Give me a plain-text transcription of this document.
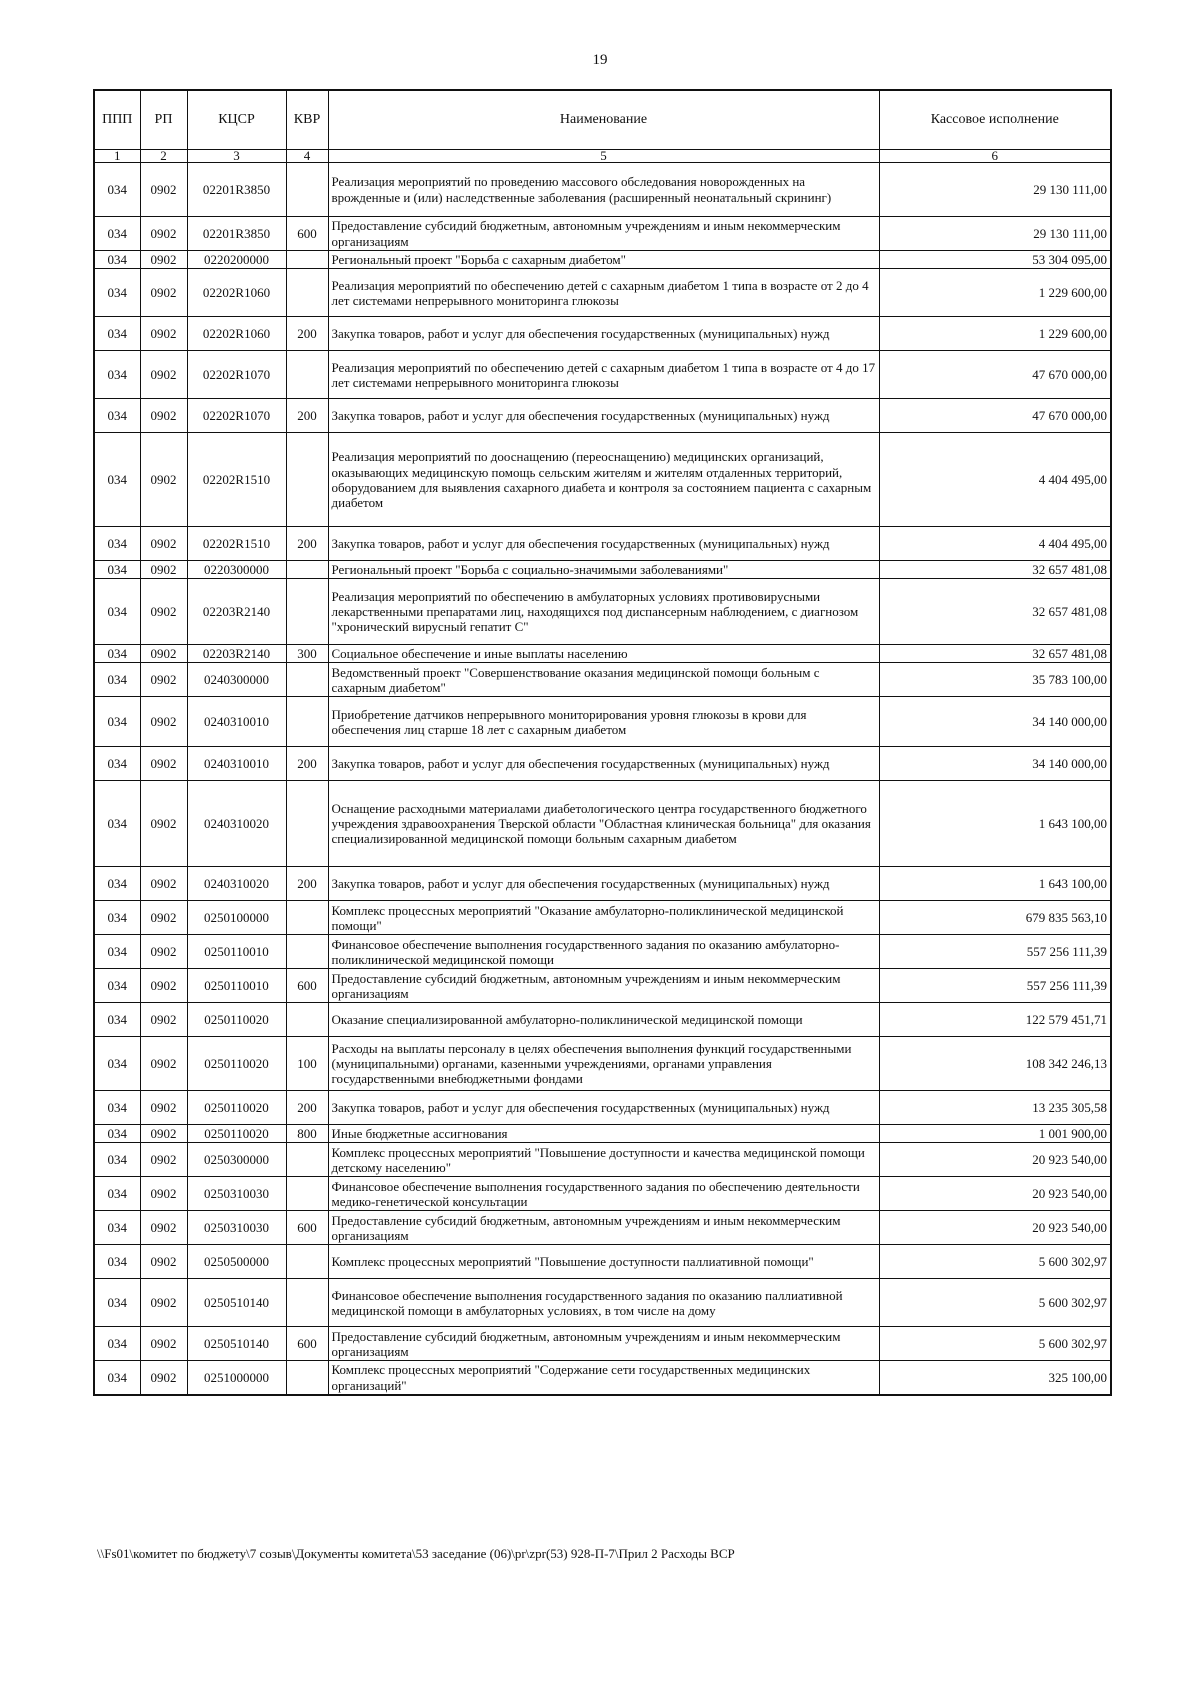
19
ППП	РП	КЦСР	КВР	Наименование	Кассовое исполнение
1	2	3	4	5	6
034	0902	02201R3850		Реализация мероприятий по проведению массового обследования новорожденных на врожденные и (или) наследственные заболевания (расширенный неонатальный скрининг)	29 130 111,00
034	0902	02201R3850	600	Предоставление субсидий бюджетным, автономным учреждениям и иным некоммерческим организациям	29 130 111,00
034	0902	0220200000		Региональный проект "Борьба с сахарным диабетом"	53 304 095,00
034	0902	02202R1060		Реализация мероприятий по обеспечению детей с сахарным диабетом 1 типа в возрасте от 2 до 4 лет системами непрерывного мониторинга глюкозы	1 229 600,00
034	0902	02202R1060	200	Закупка товаров, работ и услуг для обеспечения государственных (муниципальных) нужд	1 229 600,00
034	0902	02202R1070		Реализация мероприятий по обеспечению детей с сахарным диабетом 1 типа в возрасте от 4 до 17 лет системами непрерывного мониторинга глюкозы	47 670 000,00
034	0902	02202R1070	200	Закупка товаров, работ и услуг для обеспечения государственных (муниципальных) нужд	47 670 000,00
034	0902	02202R1510		Реализация мероприятий по дооснащению (переоснащению) медицинских организаций, оказывающих медицинскую помощь сельским жителям и жителям отдаленных территорий, оборудованием для выявления сахарного диабета и контроля за состоянием пациента с сахарным диабетом	4 404 495,00
034	0902	02202R1510	200	Закупка товаров, работ и услуг для обеспечения государственных (муниципальных) нужд	4 404 495,00
034	0902	0220300000		Региональный проект "Борьба с социально-значимыми заболеваниями"	32 657 481,08
034	0902	02203R2140		Реализация мероприятий по обеспечению в амбулаторных условиях противовирусными лекарственными препаратами лиц, находящихся под диспансерным наблюдением, с диагнозом "хронический вирусный гепатит С"	32 657 481,08
034	0902	02203R2140	300	Социальное обеспечение и иные выплаты населению	32 657 481,08
034	0902	0240300000		Ведомственный проект "Совершенствование оказания медицинской помощи больным с сахарным диабетом"	35 783 100,00
034	0902	0240310010		Приобретение датчиков непрерывного мониторирования уровня глюкозы в крови для обеспечения лиц старше 18 лет с сахарным диабетом	34 140 000,00
034	0902	0240310010	200	Закупка товаров, работ и услуг для обеспечения государственных (муниципальных) нужд	34 140 000,00
034	0902	0240310020		Оснащение расходными материалами диабетологического центра государственного бюджетного учреждения здравоохранения Тверской области "Областная клиническая больница" для оказания специализированной медицинской помощи больным сахарным диабетом	1 643 100,00
034	0902	0240310020	200	Закупка товаров, работ и услуг для обеспечения государственных (муниципальных) нужд	1 643 100,00
034	0902	0250100000		Комплекс процессных мероприятий "Оказание амбулаторно-поликлинической медицинской помощи"	679 835 563,10
034	0902	0250110010		Финансовое обеспечение выполнения государственного задания по оказанию амбулаторно-поликлинической медицинской помощи	557 256 111,39
034	0902	0250110010	600	Предоставление субсидий бюджетным, автономным учреждениям и иным некоммерческим организациям	557 256 111,39
034	0902	0250110020		Оказание специализированной амбулаторно-поликлинической медицинской помощи	122 579 451,71
034	0902	0250110020	100	Расходы на выплаты персоналу в целях обеспечения выполнения функций государственными (муниципальными) органами, казенными учреждениями, органами управления государственными внебюджетными фондами	108 342 246,13
034	0902	0250110020	200	Закупка товаров, работ и услуг для обеспечения государственных (муниципальных) нужд	13 235 305,58
034	0902	0250110020	800	Иные бюджетные ассигнования	1 001 900,00
034	0902	0250300000		Комплекс процессных мероприятий "Повышение доступности и качества медицинской помощи детскому населению"	20 923 540,00
034	0902	0250310030		Финансовое обеспечение выполнения государственного задания по обеспечению деятельности медико-генетической консультации	20 923 540,00
034	0902	0250310030	600	Предоставление субсидий бюджетным, автономным учреждениям и иным некоммерческим организациям	20 923 540,00
034	0902	0250500000		Комплекс процессных мероприятий "Повышение доступности паллиативной помощи"	5 600 302,97
034	0902	0250510140		Финансовое обеспечение выполнения государственного задания по оказанию паллиативной медицинской помощи в амбулаторных условиях, в том числе на дому	5 600 302,97
034	0902	0250510140	600	Предоставление субсидий бюджетным, автономным учреждениям и иным некоммерческим организациям	5 600 302,97
034	0902	0251000000		Комплекс процессных мероприятий "Содержание сети государственных медицинских организаций"	325 100,00
\\Fs01\комитет по бюджету\7 созыв\Документы комитета\53 заседание (06)\pr\zpr(53) 928-П-7\Прил 2 Расходы ВСР
